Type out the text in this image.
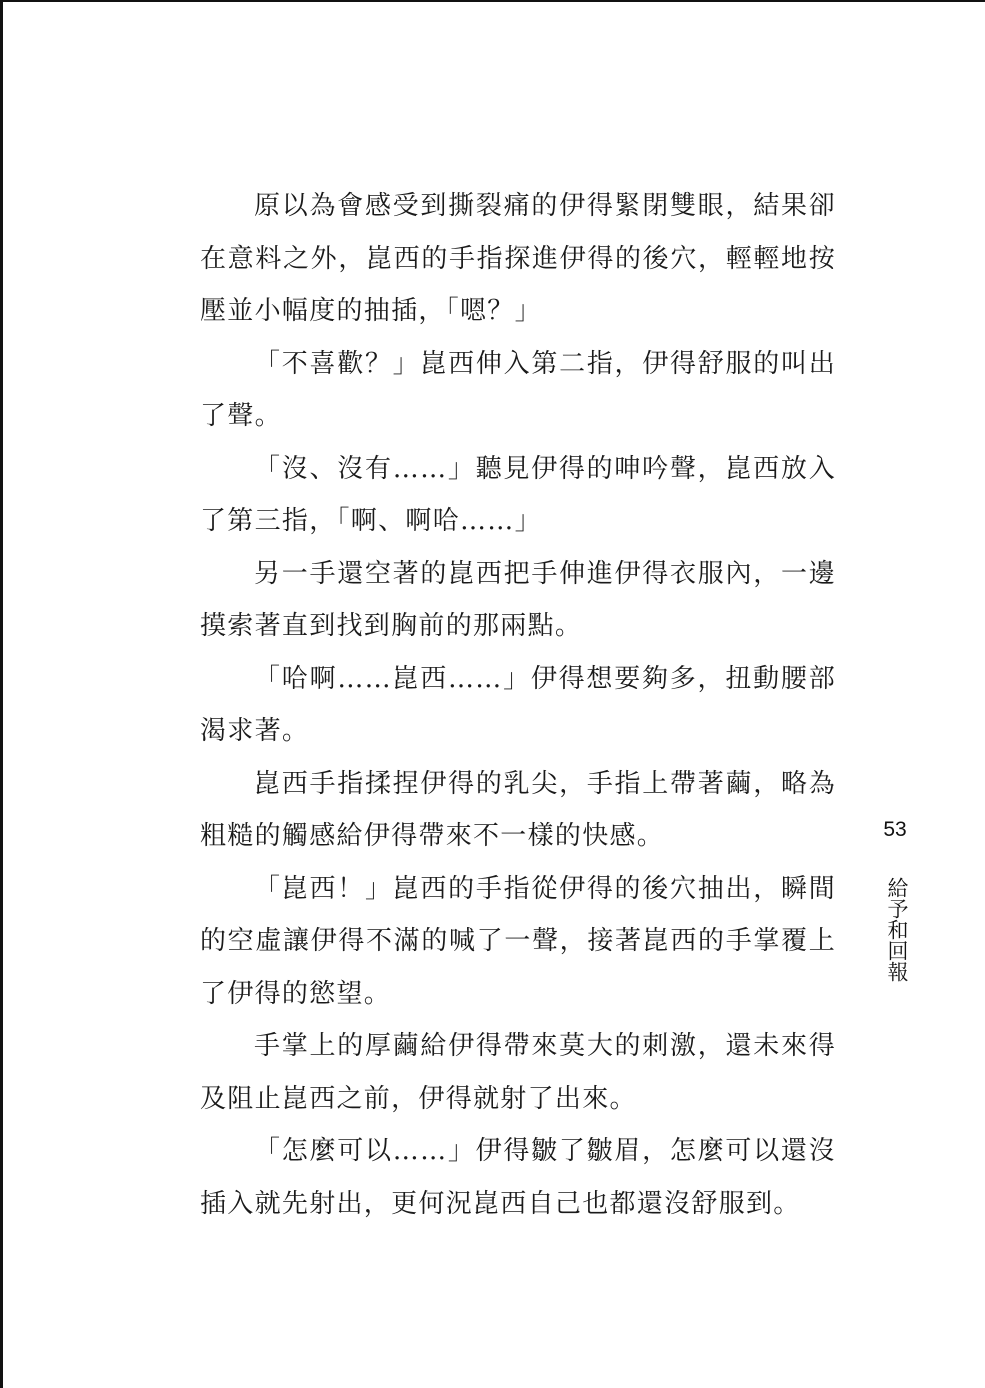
原以為會感受到撕裂痛的伊得緊閉雙眼，結果卻在意料之外，崑西的手指探進伊得的後穴，輕輕地按壓並小幅度的抽插，「嗯？」

「不喜歡？」崑西伸入第二指，伊得舒服的叫出了聲。

「沒、沒有……」聽見伊得的呻吟聲，崑西放入了第三指，「啊、啊哈……」

另一手還空著的崑西把手伸進伊得衣服內，一邊摸索著直到找到胸前的那兩點。

「哈啊……崑西……」伊得想要夠多，扭動腰部渴求著。

崑西手指揉捏伊得的乳尖，手指上帶著繭，略為粗糙的觸感給伊得帶來不一樣的快感。

「崑西！」崑西的手指從伊得的後穴抽出，瞬間的空虛讓伊得不滿的喊了一聲，接著崑西的手掌覆上了伊得的慾望。

手掌上的厚繭給伊得帶來莫大的刺激，還未來得及阻止崑西之前，伊得就射了出來。

「怎麼可以……」伊得皺了皺眉，怎麼可以還沒插入就先射出，更何況崑西自己也都還沒舒服到。

53
給予和回報
